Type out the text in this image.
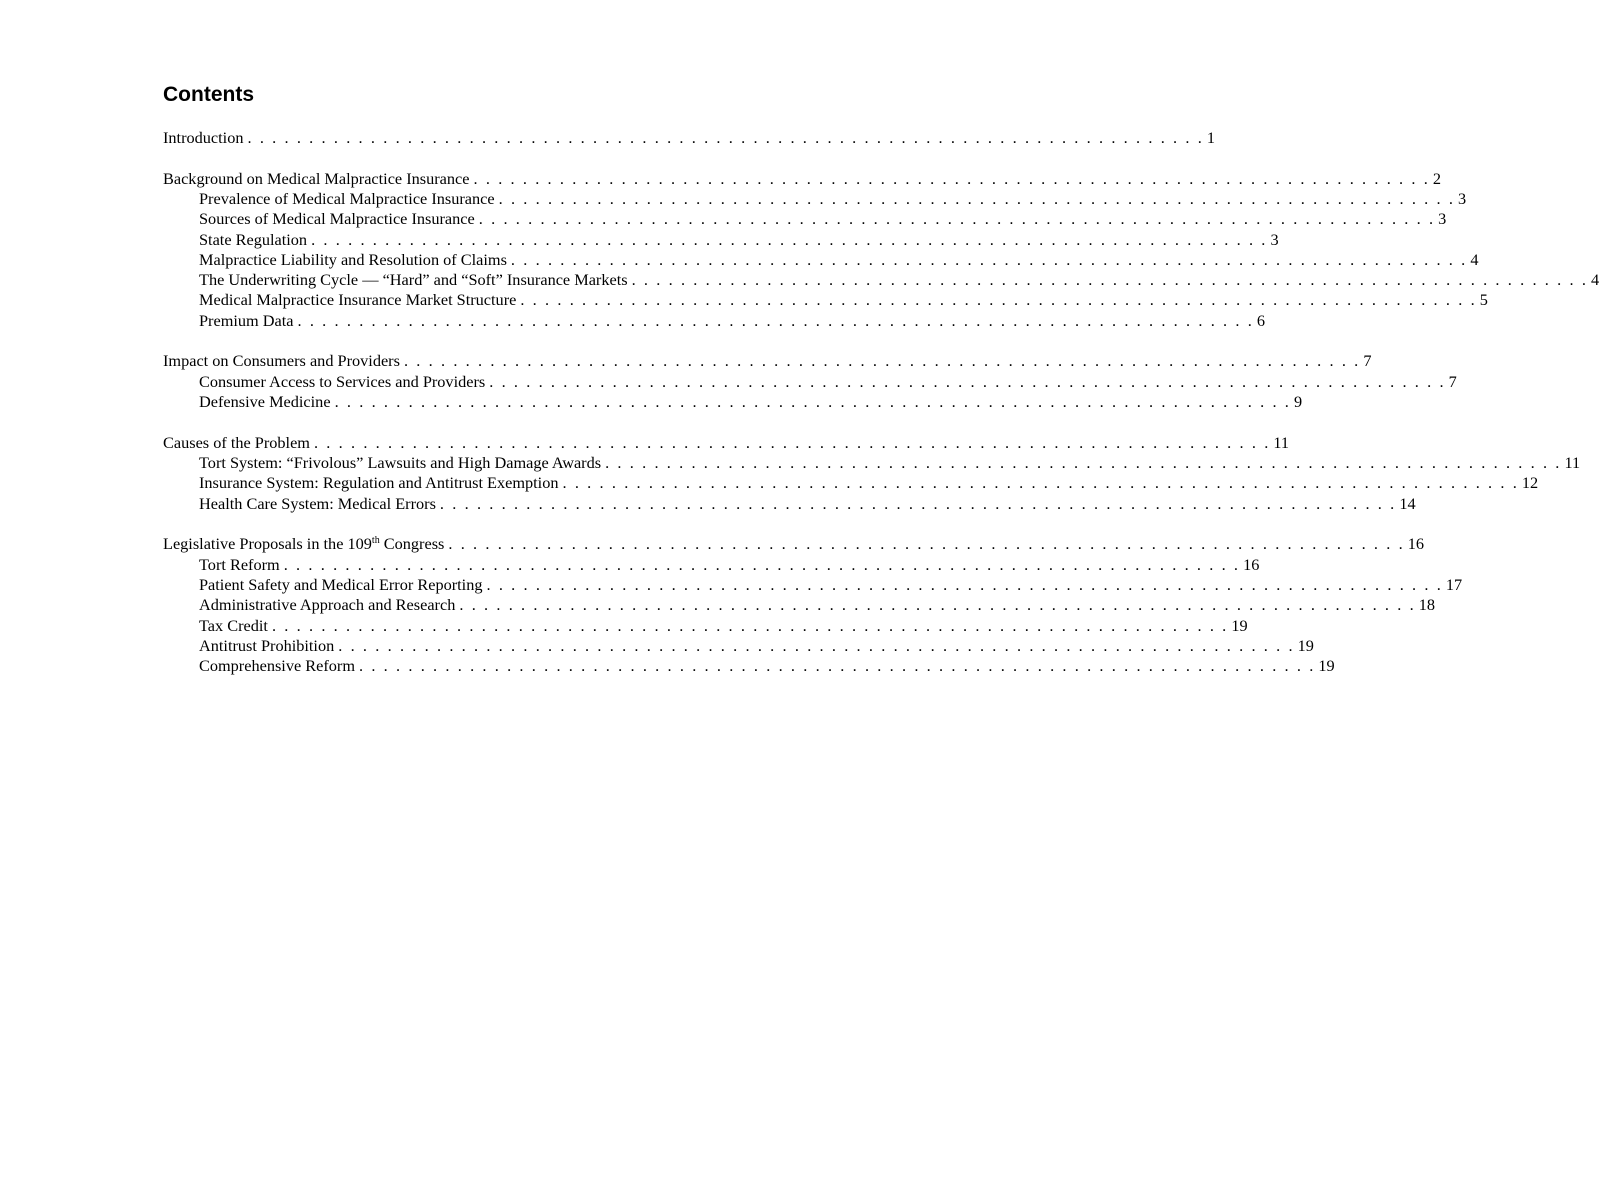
Contents
Introduction . . . . . . . . . . . . . . . . . . . . . . . . . . . . . . . . . . . . . . . . . . . . . . . . . . . . . . . . . . . . . . . . . . . . . . . . . . . . . . 1
Background on Medical Malpractice Insurance . . . . . . . . . . . . . . . . . . . . . . . . . . . . . . . . . . . . . . . . . . . . . . . . . . . . . . . . . . . . . . . . . . . . . . . . . . . . . . 2
Prevalence of Medical Malpractice Insurance . . . . . . . . . . . . . . . . . . . . . . . . . . . . . . . . . . . . . . . . . . . . . . . . . . . . . . . . . . . . . . . . . . . . . . . . . . . . . . 3
Sources of Medical Malpractice Insurance . . . . . . . . . . . . . . . . . . . . . . . . . . . . . . . . . . . . . . . . . . . . . . . . . . . . . . . . . . . . . . . . . . . . . . . . . . . . . . 3
State Regulation . . . . . . . . . . . . . . . . . . . . . . . . . . . . . . . . . . . . . . . . . . . . . . . . . . . . . . . . . . . . . . . . . . . . . . . . . . . . . . 3
Malpractice Liability and Resolution of Claims . . . . . . . . . . . . . . . . . . . . . . . . . . . . . . . . . . . . . . . . . . . . . . . . . . . . . . . . . . . . . . . . . . . . . . . . . . . . . . 4
The Underwriting Cycle — “Hard” and “Soft” Insurance Markets . . . . . . . . . . . . . . . . . . . . . . . . . . . . . . . . . . . . . . . . . . . . . . . . . . . . . . . . . . . . . . . . . . . . . . . . . . . . . . 4
Medical Malpractice Insurance Market Structure . . . . . . . . . . . . . . . . . . . . . . . . . . . . . . . . . . . . . . . . . . . . . . . . . . . . . . . . . . . . . . . . . . . . . . . . . . . . . . 5
Premium Data . . . . . . . . . . . . . . . . . . . . . . . . . . . . . . . . . . . . . . . . . . . . . . . . . . . . . . . . . . . . . . . . . . . . . . . . . . . . . . 6
Impact on Consumers and Providers . . . . . . . . . . . . . . . . . . . . . . . . . . . . . . . . . . . . . . . . . . . . . . . . . . . . . . . . . . . . . . . . . . . . . . . . . . . . . . 7
Consumer Access to Services and Providers . . . . . . . . . . . . . . . . . . . . . . . . . . . . . . . . . . . . . . . . . . . . . . . . . . . . . . . . . . . . . . . . . . . . . . . . . . . . . . 7
Defensive Medicine . . . . . . . . . . . . . . . . . . . . . . . . . . . . . . . . . . . . . . . . . . . . . . . . . . . . . . . . . . . . . . . . . . . . . . . . . . . . . . 9
Causes of the Problem . . . . . . . . . . . . . . . . . . . . . . . . . . . . . . . . . . . . . . . . . . . . . . . . . . . . . . . . . . . . . . . . . . . . . . . . . . . . . . 11
Tort System: “Frivolous” Lawsuits and High Damage Awards . . . . . . . . . . . . . . . . . . . . . . . . . . . . . . . . . . . . . . . . . . . . . . . . . . . . . . . . . . . . . . . . . . . . . . . . . . . . . . 11
Insurance System: Regulation and Antitrust Exemption . . . . . . . . . . . . . . . . . . . . . . . . . . . . . . . . . . . . . . . . . . . . . . . . . . . . . . . . . . . . . . . . . . . . . . . . . . . . . . 12
Health Care System: Medical Errors . . . . . . . . . . . . . . . . . . . . . . . . . . . . . . . . . . . . . . . . . . . . . . . . . . . . . . . . . . . . . . . . . . . . . . . . . . . . . . 14
Legislative Proposals in the 109th Congress . . . . . . . . . . . . . . . . . . . . . . . . . . . . . . . . . . . . . . . . . . . . . . . . . . . . . . . . . . . . . . . . . . . . . . . . . . . . . . 16
Tort Reform . . . . . . . . . . . . . . . . . . . . . . . . . . . . . . . . . . . . . . . . . . . . . . . . . . . . . . . . . . . . . . . . . . . . . . . . . . . . . . 16
Patient Safety and Medical Error Reporting . . . . . . . . . . . . . . . . . . . . . . . . . . . . . . . . . . . . . . . . . . . . . . . . . . . . . . . . . . . . . . . . . . . . . . . . . . . . . . 17
Administrative Approach and Research . . . . . . . . . . . . . . . . . . . . . . . . . . . . . . . . . . . . . . . . . . . . . . . . . . . . . . . . . . . . . . . . . . . . . . . . . . . . . . 18
Tax Credit . . . . . . . . . . . . . . . . . . . . . . . . . . . . . . . . . . . . . . . . . . . . . . . . . . . . . . . . . . . . . . . . . . . . . . . . . . . . . . 19
Antitrust Prohibition . . . . . . . . . . . . . . . . . . . . . . . . . . . . . . . . . . . . . . . . . . . . . . . . . . . . . . . . . . . . . . . . . . . . . . . . . . . . . . 19
Comprehensive Reform . . . . . . . . . . . . . . . . . . . . . . . . . . . . . . . . . . . . . . . . . . . . . . . . . . . . . . . . . . . . . . . . . . . . . . . . . . . . . . 19
